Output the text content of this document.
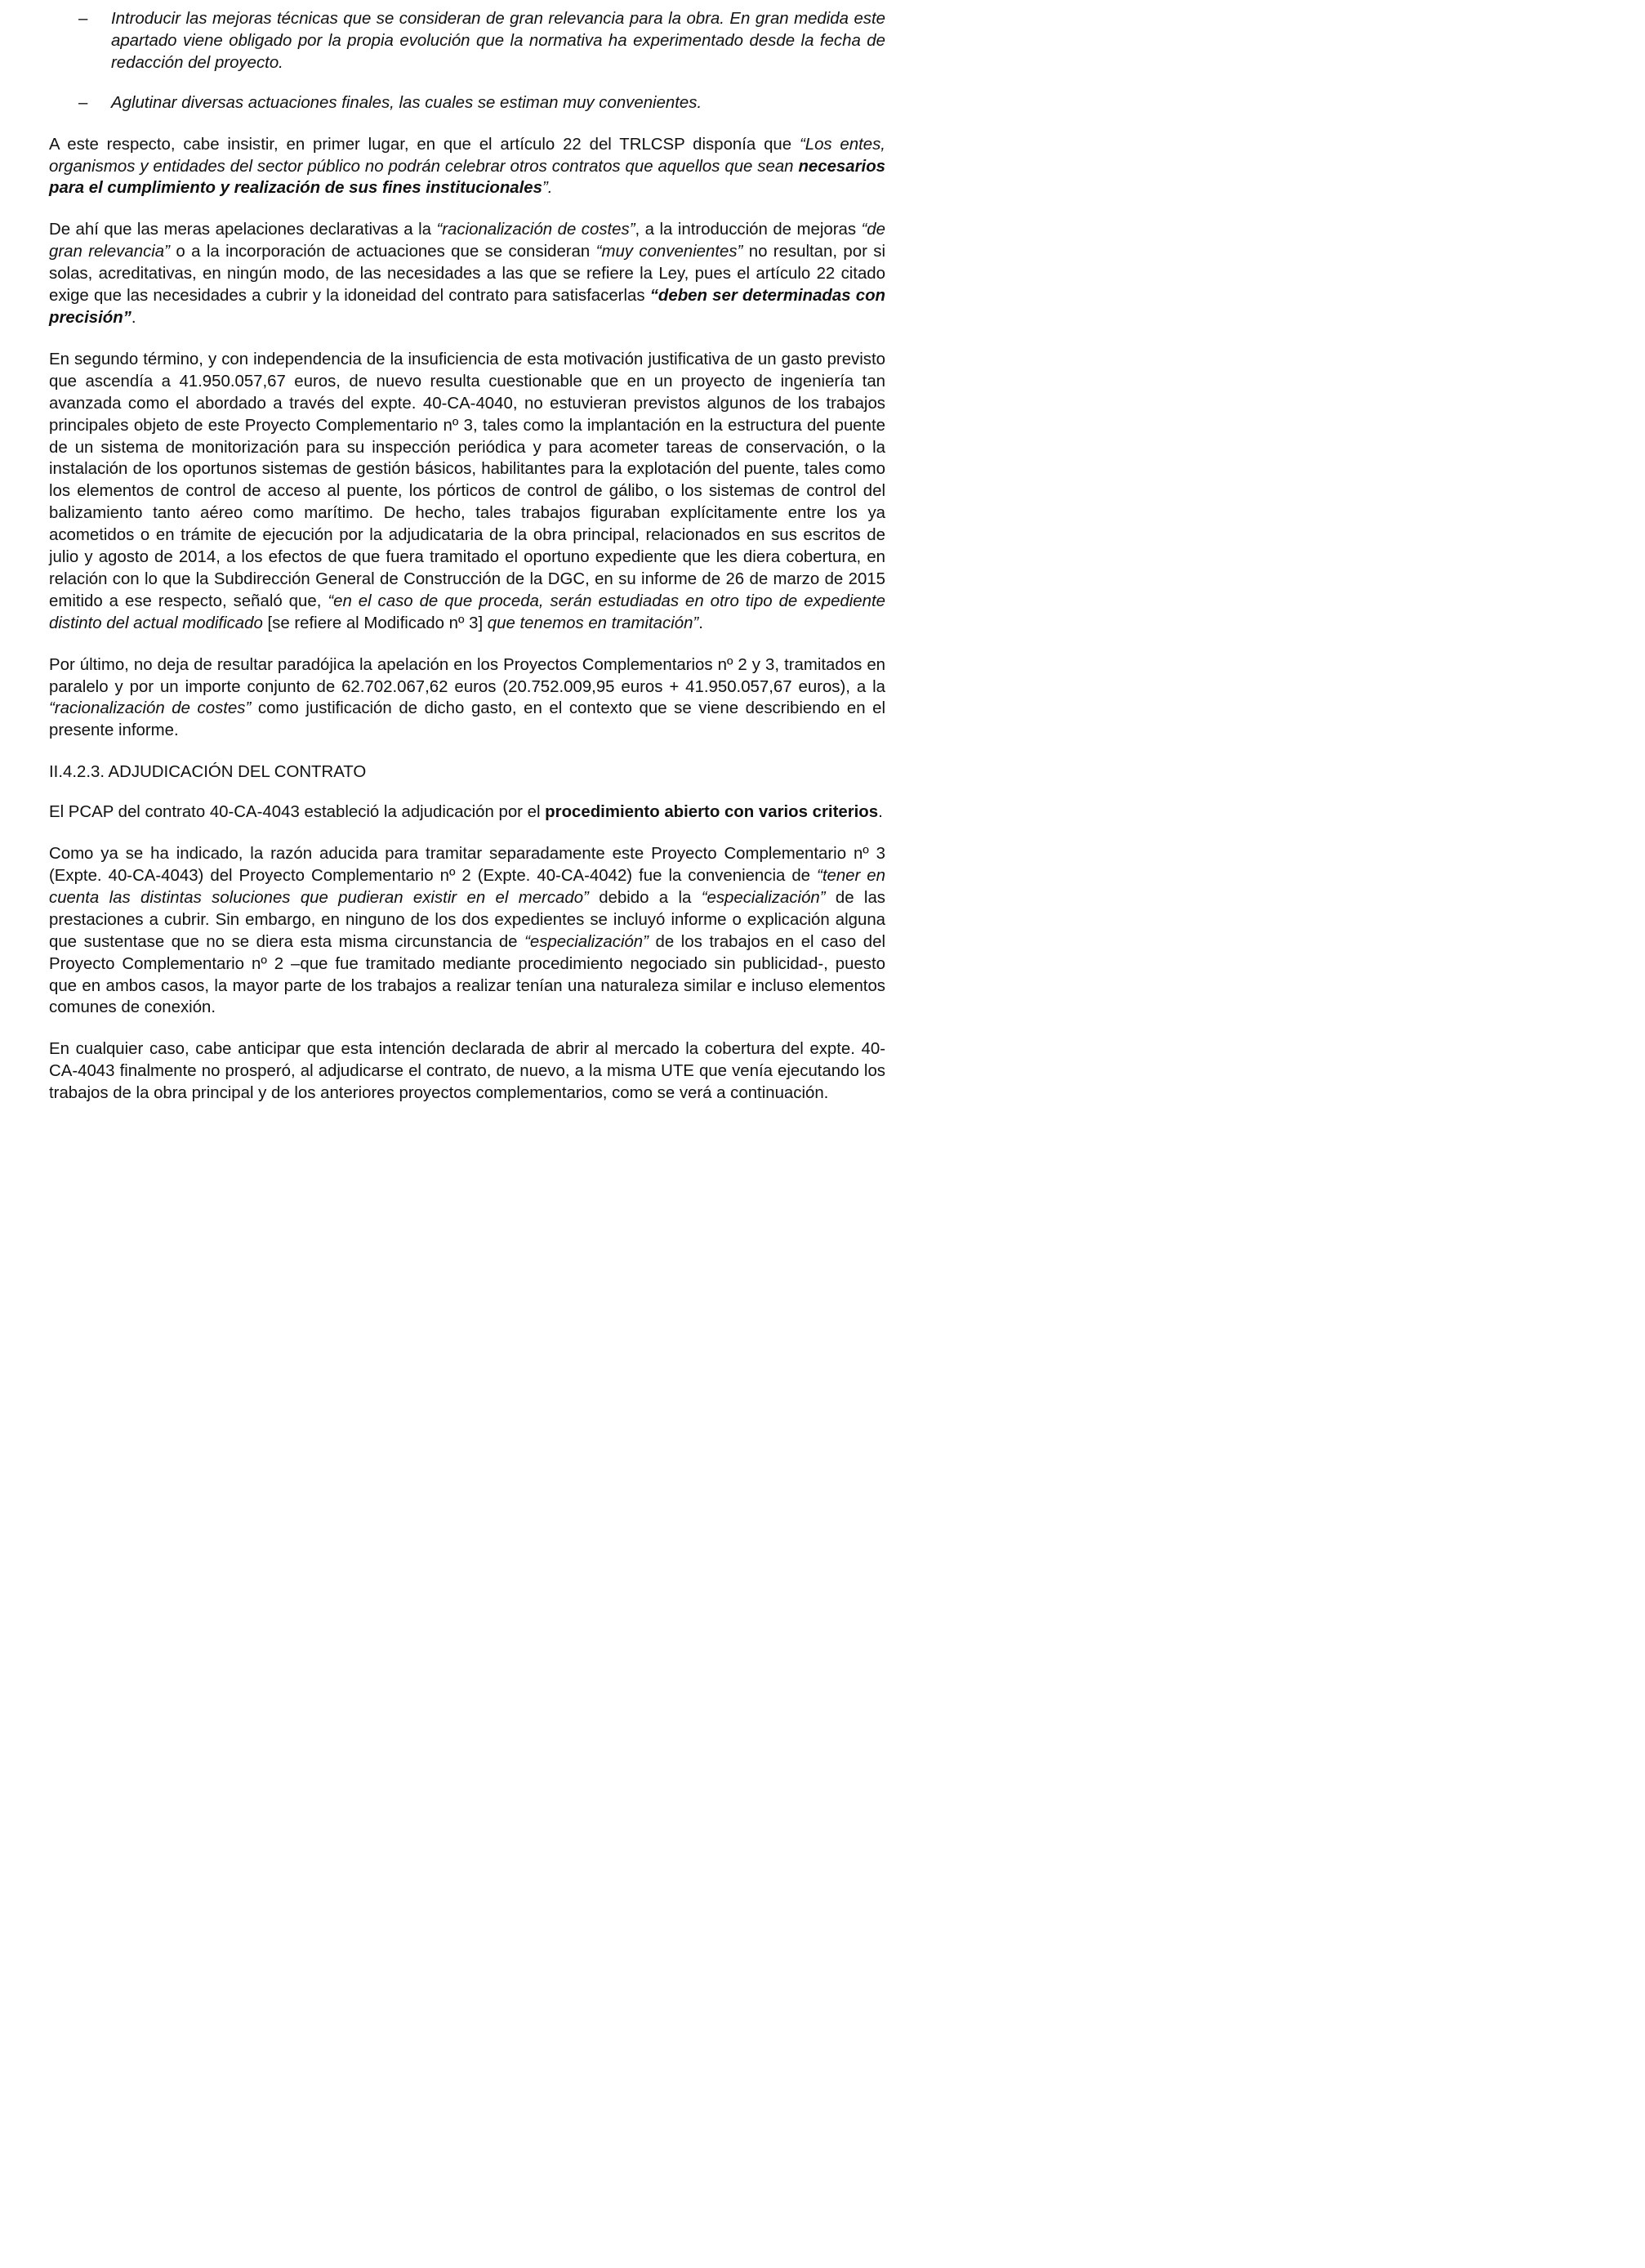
– Introducir las mejoras técnicas que se consideran de gran relevancia para la obra. En gran medida este apartado viene obligado por la propia evolución que la normativa ha experimentado desde la fecha de redacción del proyecto.
– Aglutinar diversas actuaciones finales, las cuales se estiman muy convenientes.

A este respecto, cabe insistir, en primer lugar, en que el artículo 22 del TRLCSP disponía que “Los entes, organismos y entidades del sector público no podrán celebrar otros contratos que aquellos que sean necesarios para el cumplimiento y realización de sus fines institucionales”.

De ahí que las meras apelaciones declarativas a la “racionalización de costes”, a la introducción de mejoras “de gran relevancia” o a la incorporación de actuaciones que se consideran “muy convenientes” no resultan, por si solas, acreditativas, en ningún modo, de las necesidades a las que se refiere la Ley, pues el artículo 22 citado exige que las necesidades a cubrir y la idoneidad del contrato para satisfacerlas “deben ser determinadas con precisión”.

En segundo término, y con independencia de la insuficiencia de esta motivación justificativa de un gasto previsto que ascendía a 41.950.057,67 euros, de nuevo resulta cuestionable que en un proyecto de ingeniería tan avanzada como el abordado a través del expte. 40-CA-4040, no estuvieran previstos algunos de los trabajos principales objeto de este Proyecto Complementario nº 3, tales como la implantación en la estructura del puente de un sistema de monitorización para su inspección periódica y para acometer tareas de conservación, o la instalación de los oportunos sistemas de gestión básicos, habilitantes para la explotación del puente, tales como los elementos de control de acceso al puente, los pórticos de control de gálibo, o los sistemas de control del balizamiento tanto aéreo como marítimo. De hecho, tales trabajos figuraban explícitamente entre los ya acometidos o en trámite de ejecución por la adjudicataria de la obra principal, relacionados en sus escritos de julio y agosto de 2014, a los efectos de que fuera tramitado el oportuno expediente que les diera cobertura, en relación con lo que la Subdirección General de Construcción de la DGC, en su informe de 26 de marzo de 2015 emitido a ese respecto, señaló que, “en el caso de que proceda, serán estudiadas en otro tipo de expediente distinto del actual modificado [se refiere al Modificado nº 3] que tenemos en tramitación”.

Por último, no deja de resultar paradójica la apelación en los Proyectos Complementarios nº 2 y 3, tramitados en paralelo y por un importe conjunto de 62.702.067,62 euros (20.752.009,95 euros + 41.950.057,67 euros), a la “racionalización de costes” como justificación de dicho gasto, en el contexto que se viene describiendo en el presente informe.

II.4.2.3. ADJUDICACIÓN DEL CONTRATO

El PCAP del contrato 40-CA-4043 estableció la adjudicación por el procedimiento abierto con varios criterios.

Como ya se ha indicado, la razón aducida para tramitar separadamente este Proyecto Complementario nº 3 (Expte. 40-CA-4043) del Proyecto Complementario nº 2 (Expte. 40-CA-4042) fue la conveniencia de “tener en cuenta las distintas soluciones que pudieran existir en el mercado” debido a la “especialización” de las prestaciones a cubrir. Sin embargo, en ninguno de los dos expedientes se incluyó informe o explicación alguna que sustentase que no se diera esta misma circunstancia de “especialización” de los trabajos en el caso del Proyecto Complementario nº 2 –que fue tramitado mediante procedimiento negociado sin publicidad-, puesto que en ambos casos, la mayor parte de los trabajos a realizar tenían una naturaleza similar e incluso elementos comunes de conexión.

En cualquier caso, cabe anticipar que esta intención declarada de abrir al mercado la cobertura del expte. 40-CA-4043 finalmente no prosperó, al adjudicarse el contrato, de nuevo, a la misma UTE que venía ejecutando los trabajos de la obra principal y de los anteriores proyectos complementarios, como se verá a continuación.
